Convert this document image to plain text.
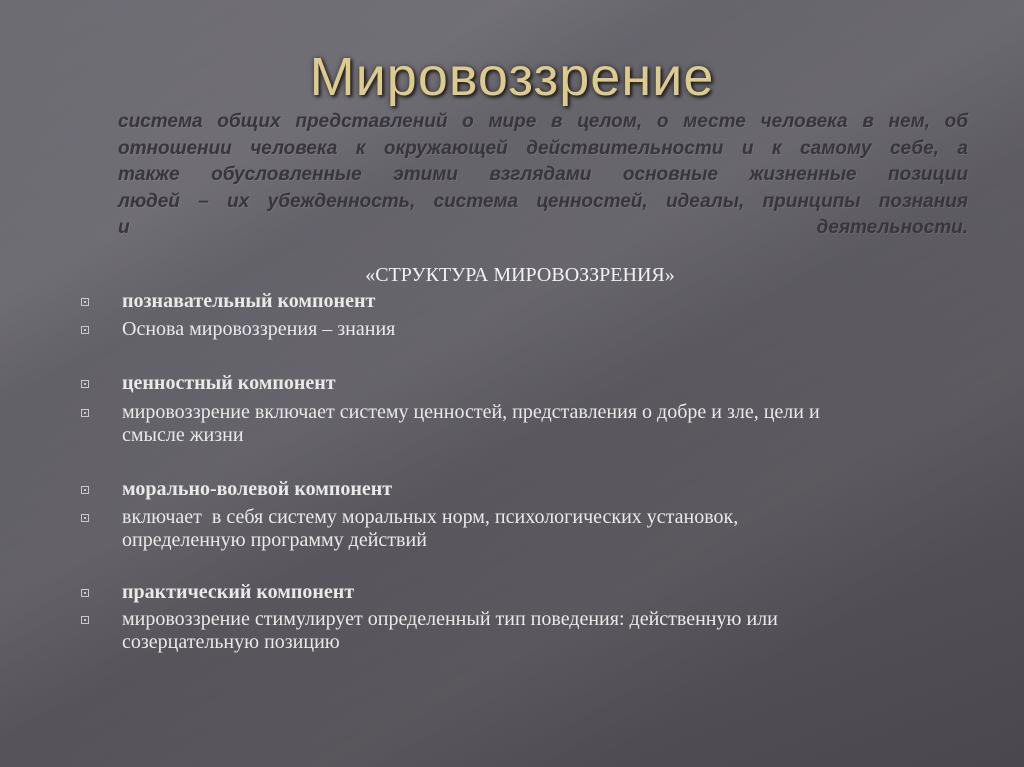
Мировоззрение
система общих представлений о мире в целом, о месте человека в нем, об
отношении человека к окружающей действительности и к самому себе, а
также обусловленные этими взглядами основные жизненные позиции
людей – их убежденность, система ценностей, идеалы, принципы познания
и деятельности.
«СТРУКТУРА МИРОВОЗЗРЕНИЯ»
познавательный компонент
Основа мировоззрения – знания
ценностный компонент
мировоззрение включает систему ценностей, представления о добре и зле, цели и
смысле жизни
морально-волевой компонент
включает  в себя систему моральных норм, психологических установок,
определенную программу действий
практический компонент
мировоззрение стимулирует определенный тип поведения: действенную или
созерцательную позицию
